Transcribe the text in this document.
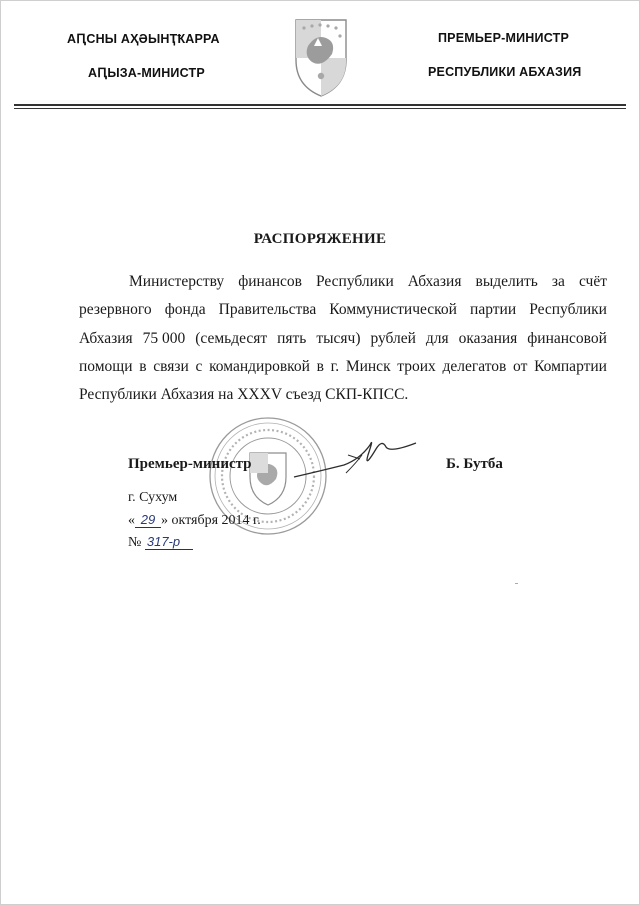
АԤСНЫ АҲӘЫНҬҞАРРА
АԤЫЗА-МИНИСТР
ПРЕМЬЕР-МИНИСТР
РЕСПУБЛИКИ АБХАЗИЯ
РАСПОРЯЖЕНИЕ
Министерству финансов Республики Абхазия выделить за счёт
резервного фонда Правительства Коммунистической партии Республики
Абхазия 75 000 (семьдесят пять тысяч) рублей для оказания финансовой
помощи в связи с командировкой в г. Минск троих делегатов от Компартии
Республики Абхазия на XXXV съезд СКП-КПСС.
Премьер-министр	Б. Бутба
г. Сухум
« 29 » октября 2014 г.
№ 317-р
